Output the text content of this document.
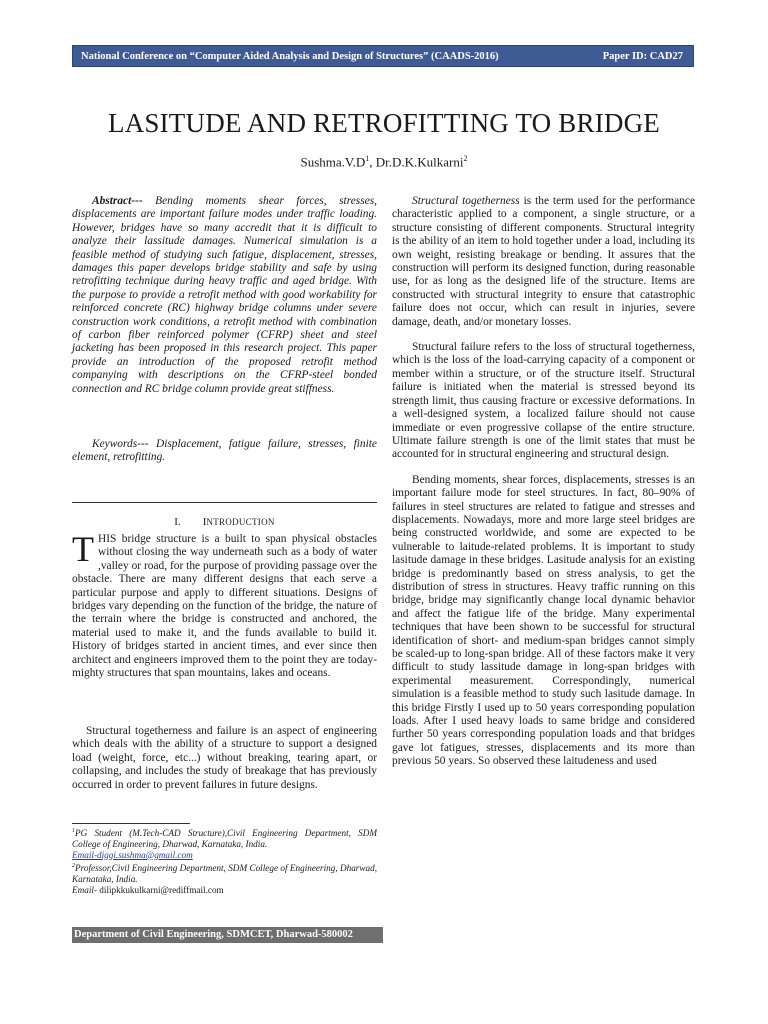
National Conference on “Computer Aided Analysis and Design of Structures” (CAADS-2016)	Paper ID: CAD27
LASITUDE AND RETROFITTING TO BRIDGE
$Sushma.V.D^1$, Dr.D.K.Kulkarni$^2$

Abstract--- Bending moments shear forces, stresses, displacements are important failure modes under traffic loading. However, bridges have so many accredit that it is difficult to analyze their lassitude damages. Numerical simulation is a feasible method of studying such fatigue, displacement, stresses, damages this paper develops bridge stability and safe by using retrofitting technique during heavy traffic and aged bridge. With the purpose to provide a retrofit method with good workability for reinforced concrete (RC) highway bridge columns under severe construction work conditions, a retrofit method with combination of carbon fiber reinforced polymer (CFRP) sheet and steel jacketing has been proposed in this research project. This paper provide an introduction of the proposed retrofit method companying with descriptions on the CFRP-steel bonded connection and RC bridge column provide great stiffness.

Keywords--- Displacement, fatigue failure, stresses, finite element, retrofitting.

I. INTRODUCTION

THIS bridge structure is a built to span physical obstacles without closing the way underneath such as a body of water ,valley or road, for the purpose of providing passage over the obstacle. There are many different designs that each serve a particular purpose and apply to different situations. Designs of bridges vary depending on the function of the bridge, the nature of the terrain where the bridge is constructed and anchored, the material used to make it, and the funds available to build it. History of bridges started in ancient times, and ever since then architect and engineers improved them to the point they are today-mighty structures that span mountains, lakes and oceans.

Structural togetherness and failure is an aspect of engineering which deals with the ability of a structure to support a designed load (weight, force, etc...) without breaking, tearing apart, or collapsing, and includes the study of breakage that has previously occurred in order to prevent failures in future designs.

$^1$PG Student (M.Tech-CAD Structure),Civil Engineering Department, SDM College of Engineering, Dharwad, Karnataka, India.
Email-diggi.sushma@gmail.com

$^2$Professor,Civil Engineering Department, SDM College of Engineering, Dharwad, Karnataka, India.
Email- dilipkkukulkarni@rediffmail.com

Structural togetherness is the term used for the performance characteristic applied to a component, a single structure, or a structure consisting of different components. Structural integrity is the ability of an item to hold together under a load, including its own weight, resisting breakage or bending. It assures that the construction will perform its designed function, during reasonable use, for as long as the designed life of the structure. Items are constructed with structural integrity to ensure that catastrophic failure does not occur, which can result in injuries, severe damage, death, and/or monetary losses.

Structural failure refers to the loss of structural togetherness, which is the loss of the load-carrying capacity of a component or member within a structure, or of the structure itself. Structural failure is initiated when the material is stressed beyond its strength limit, thus causing fracture or excessive deformations. In a well-designed system, a localized failure should not cause immediate or even progressive collapse of the entire structure. Ultimate failure strength is one of the limit states that must be accounted for in structural engineering and structural design.

Bending moments, shear forces, displacements, stresses is an important failure mode for steel structures. In fact, 80–90% of failures in steel structures are related to fatigue and stresses and displacements. Nowadays, more and more large steel bridges are being constructed worldwide, and some are expected to be vulnerable to laitude-related problems. It is important to study lasitude damage in these bridges. Lasitude analysis for an existing bridge is predominantly based on stress analysis, to get the distribution of stress in structures. Heavy traffic running on this bridge, bridge may significantly change local dynamic behavior and affect the fatigue life of the bridge. Many experimental techniques that have been shown to be successful for structural identification of short- and medium-span bridges cannot simply be scaled-up to long-span bridge. All of these factors make it very difficult to study lassitude damage in long-span bridges with experimental measurement. Correspondingly, numerical simulation is a feasible method to study such lasitude damage. In this bridge Firstly I used up to 50 years corresponding population loads. After I used heavy loads to same bridge and considered further 50 years corresponding population loads and that bridges gave lot fatigues, stresses, displacements and its more than previous 50 years. So observed these laitudeness and used

Department of Civil Engineering, SDMCET, Dharwad-580002
